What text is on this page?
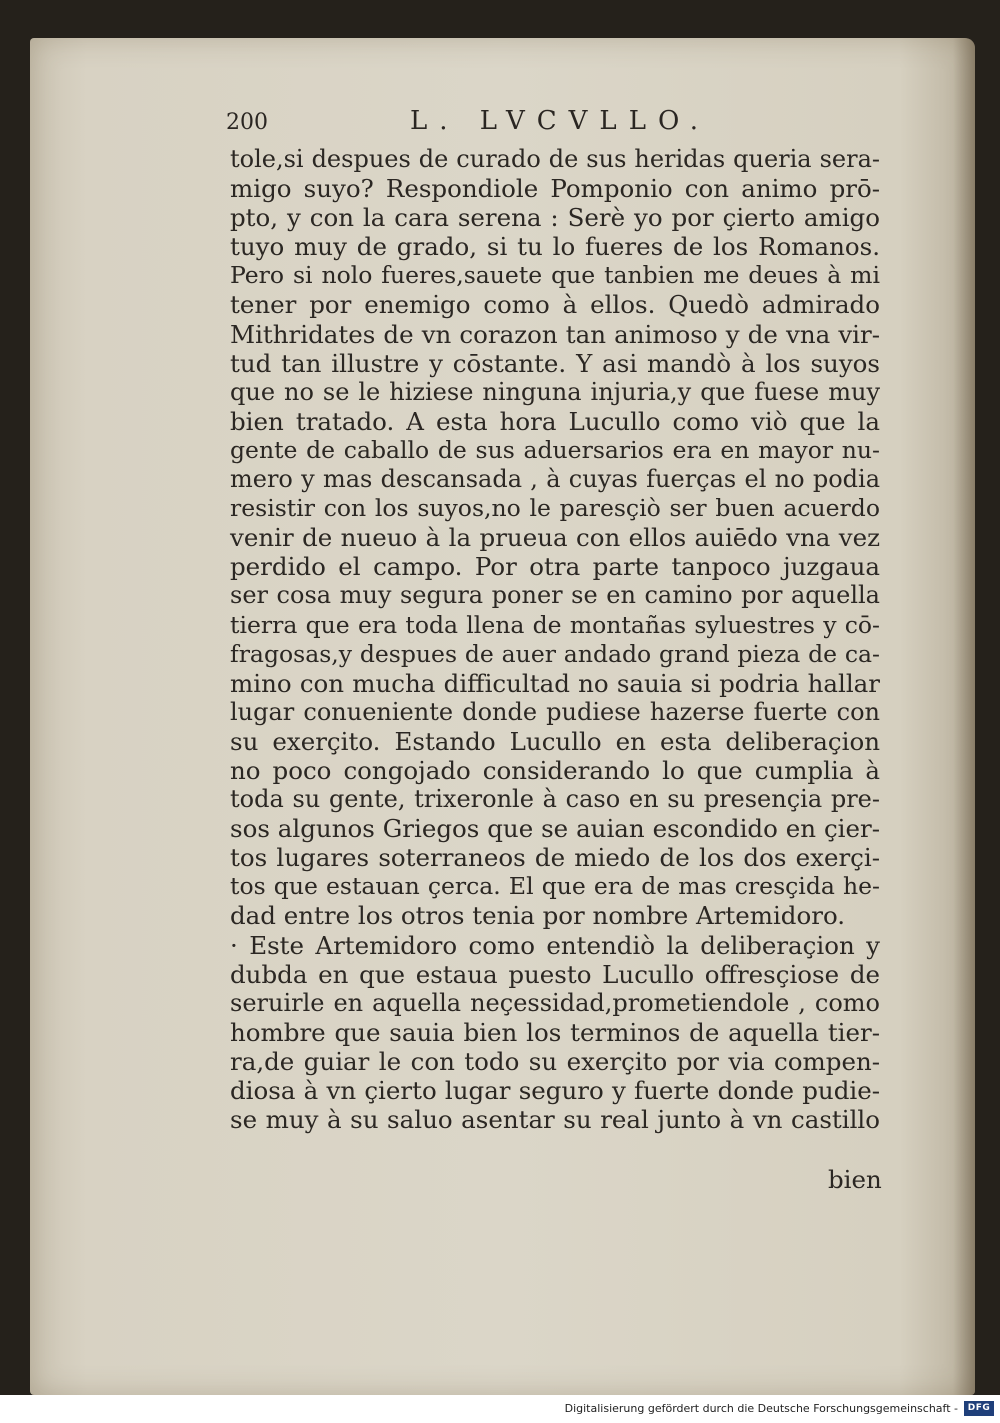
200	L. LVCVLLO.
tole,si despues de curado de sus heridas queria sera-
migo suyo? Respondiole Pomponio con animo prō-
pto, y con la cara serena : Serè yo por çierto amigo
tuyo muy de grado, si tu lo fueres de los Romanos.
Pero si nolo fueres,sauete que tanbien me deues à mi
tener por enemigo como à ellos. Quedò admirado
Mithridates de vn corazon tan animoso y de vna vir-
tud tan illustre y cōstante. Y asi mandò à los suyos
que no se le hiziese ninguna injuria,y que fuese muy
bien tratado. A esta hora Lucullo como viò que la
gente de caballo de sus aduersarios era en mayor nu-
mero y mas descansada , à cuyas fuerças el no podia
resistir con los suyos,no le paresçiò ser buen acuerdo
venir de nueuo à la prueua con ellos auiēdo vna vez
perdido el campo. Por otra parte tanpoco juzgaua
ser cosa muy segura poner se en camino por aquella
tierra que era toda llena de montañas syluestres y cō-
fragosas,y despues de auer andado grand pieza de ca-
mino con mucha difficultad no sauia si podria hallar
lugar conueniente donde pudiese hazerse fuerte con
su exerçito. Estando Lucullo en esta deliberaçion
no poco congojado considerando lo que cumplia à
toda su gente, trixeronle à caso en su presençia pre-
sos algunos Griegos que se auian escondido en çier-
tos lugares soterraneos de miedo de los dos exerçi-
tos que estauan çerca. El que era de mas cresçida he-
dad entre los otros tenia por nombre Artemidoro.
· Este Artemidoro como entendiò la deliberaçion y
dubda en que estaua puesto Lucullo offresçiose de
seruirle en aquella neçessidad,prometiendole , como
hombre que sauia bien los terminos de aquella tier-
ra,de guiar le con todo su exerçito por via compen-
diosa à vn çierto lugar seguro y fuerte donde pudie-
se muy à su saluo asentar su real junto à vn castillo
bien
Digitalisierung gefördert durch die Deutsche Forschungsgemeinschaft -	DFG
